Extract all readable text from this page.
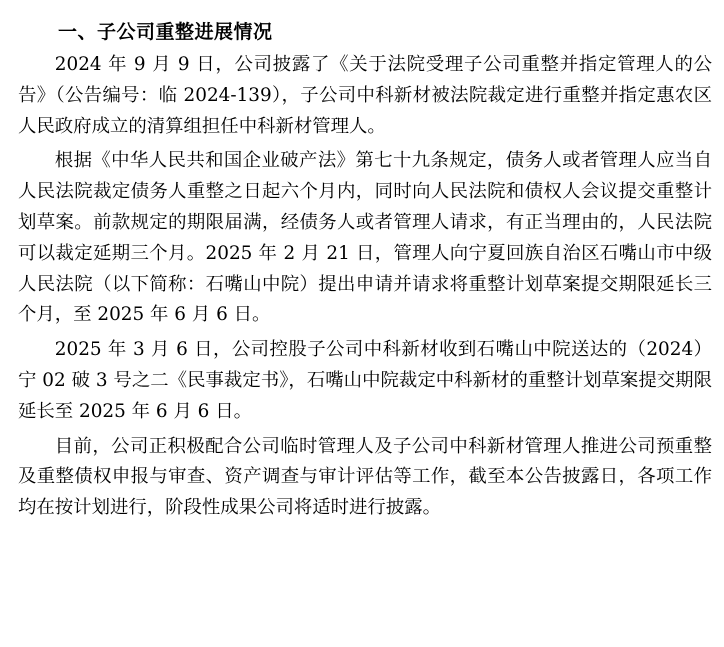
一、子公司重整进展情况

2024 年 9 月 9 日，公司披露了《关于法院受理子公司重整并指定管理人的公告》（公告编号：临 2024-139），子公司中科新材被法院裁定进行重整并指定惠农区人民政府成立的清算组担任中科新材管理人。

根据《中华人民共和国企业破产法》第七十九条规定，债务人或者管理人应当自人民法院裁定债务人重整之日起六个月内，同时向人民法院和债权人会议提交重整计划草案。前款规定的期限届满，经债务人或者管理人请求，有正当理由的，人民法院可以裁定延期三个月。2025 年 2 月 21 日，管理人向宁夏回族自治区石嘴山市中级人民法院（以下简称：石嘴山中院）提出申请并请求将重整计划草案提交期限延长三个月，至 2025 年 6 月 6 日。

2025 年 3 月 6 日，公司控股子公司中科新材收到石嘴山中院送达的（2024）宁 02 破 3 号之二《民事裁定书》，石嘴山中院裁定中科新材的重整计划草案提交期限延长至 2025 年 6 月 6 日。

目前，公司正积极配合公司临时管理人及子公司中科新材管理人推进公司预重整及重整债权申报与审查、资产调查与审计评估等工作，截至本公告披露日，各项工作均在按计划进行，阶段性成果公司将适时进行披露。
